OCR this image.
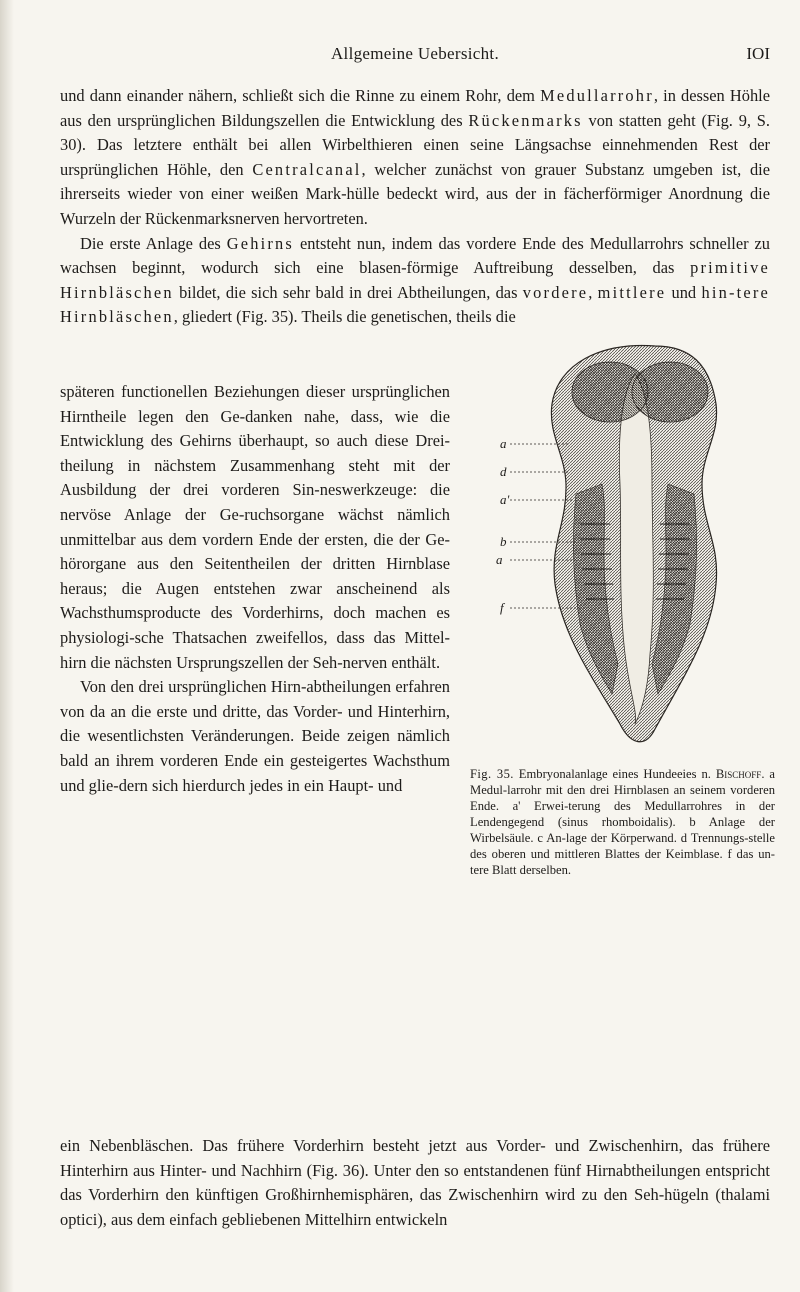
Allgemeine Uebersicht.	IOI

und dann einander nähern, schließt sich die Rinne zu einem Rohr, dem Medullarrohr, in dessen Höhle aus den ursprünglichen Bildungszellen die Entwicklung des Rückenmarks von statten geht (Fig. 9, S. 30). Das letztere enthält bei allen Wirbelthieren einen seine Längsachse einnehmenden Rest der ursprünglichen Höhle, den Centralcanal, welcher zunächst von grauer Substanz umgeben ist, die ihrerseits wieder von einer weißen Mark-hülle bedeckt wird, aus der in fächerförmiger Anordnung die Wurzeln der Rückenmarksnerven hervortreten.

Die erste Anlage des Gehirns entsteht nun, indem das vordere Ende des Medullarrohrs schneller zu wachsen beginnt, wodurch sich eine blasen-förmige Auftreibung desselben, das primitive Hirnbläschen bildet, die sich sehr bald in drei Abtheilungen, das vordere, mittlere und hin-tere Hirnbläschen, gliedert (Fig. 35). Theils die genetischen, theils die

späteren functionellen Beziehungen dieser ursprünglichen Hirntheile legen den Ge-danken nahe, dass, wie die Entwicklung des Gehirns überhaupt, so auch diese Drei-theilung in nächstem Zusammenhang steht mit der Ausbildung der drei vorderen Sin-neswerkzeuge: die nervöse Anlage der Ge-ruchsorgane wächst nämlich unmittelbar aus dem vordern Ende der ersten, die der Ge-hörorgane aus den Seitentheilen der dritten Hirnblase heraus; die Augen entstehen zwar anscheinend als Wachsthumsproducte des Vorderhirns, doch machen es physiologi-sche Thatsachen zweifellos, dass das Mittel-hirn die nächsten Ursprungszellen der Seh-nerven enthält.

Von den drei ursprünglichen Hirn-abtheilungen erfahren von da an die erste und dritte, das Vorder- und Hinterhirn, die wesentlichsten Veränderungen. Beide zeigen nämlich bald an ihrem vorderen Ende ein gesteigertes Wachsthum und glie-dern sich hierdurch jedes in ein Haupt- und

a
d
a'
b
a
f
Fig. 35. Embryonalanlage eines Hundeeies n. Bischoff. a Medul-larrohr mit den drei Hirnblasen an seinem vorderen Ende. a' Erwei-terung des Medullarrohres in der Lendengegend (sinus rhomboidalis). b Anlage der Wirbelsäule. c An-lage der Körperwand. d Trennungs-stelle des oberen und mittleren Blattes der Keimblase. f das un-tere Blatt derselben.

ein Nebenbläschen. Das frühere Vorderhirn besteht jetzt aus Vorder- und Zwischenhirn, das frühere Hinterhirn aus Hinter- und Nachhirn (Fig. 36). Unter den so entstandenen fünf Hirnabtheilungen entspricht das Vorderhirn den künftigen Großhirnhemisphären, das Zwischenhirn wird zu den Seh-hügeln (thalami optici), aus dem einfach gebliebenen Mittelhirn entwickeln
